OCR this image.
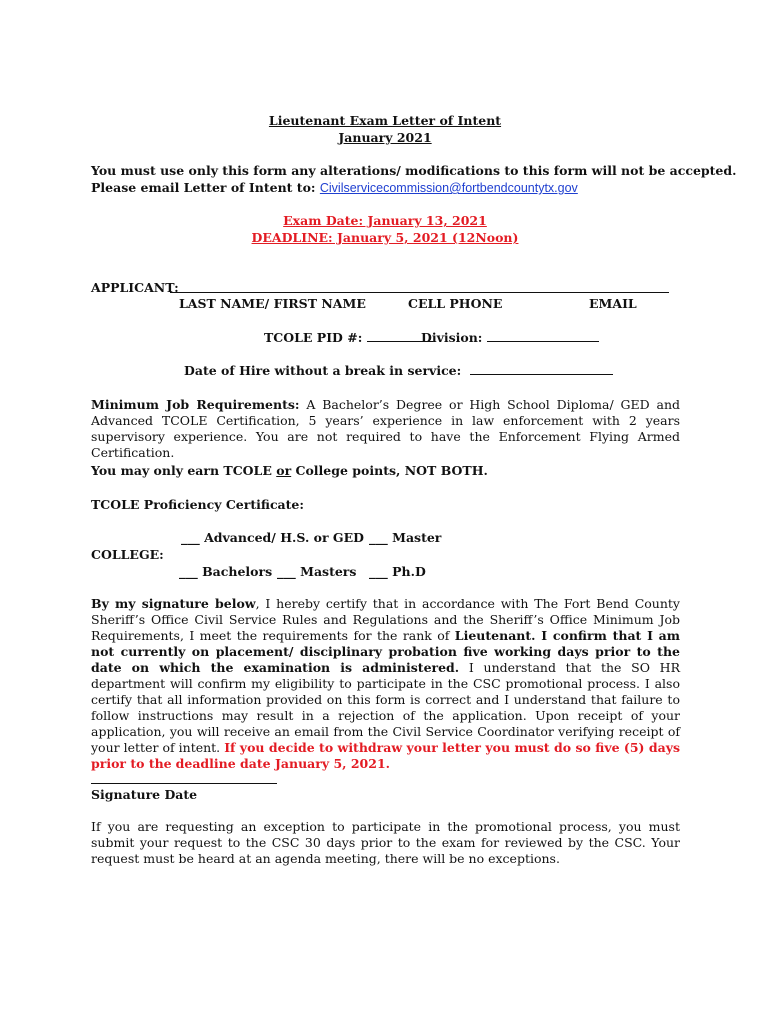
Lieutenant Exam Letter of Intent
January 2021
You must use only this form any alterations/ modifications to this form will not be accepted.
Please email Letter of Intent to: Civilservicecommission@fortbendcountytx.gov
Exam Date: January 13, 2021
DEADLINE: January 5, 2021 (12Noon)
APPLICANT:
LAST NAME/ FIRST NAME	CELL PHONE	EMAIL
TCOLE PID #:	Division:
Date of Hire without a break in service:
Minimum Job Requirements: A Bachelor’s Degree or High School Diploma/ GED and Advanced TCOLE Certification, 5 years’ experience in law enforcement with 2 years supervisory experience. You are not required to have the Enforcement Flying Armed Certification.
You may only earn TCOLE or College points, NOT BOTH.
TCOLE Proficiency Certificate:
___ Advanced/ H.S. or GED ___ Master
COLLEGE:
___ Bachelors ___ Masters ___ Ph.D
By my signature below, I hereby certify that in accordance with The Fort Bend County Sheriff’s Office Civil Service Rules and Regulations and the Sheriff’s Office Minimum Job Requirements, I meet the requirements for the rank of Lieutenant. I confirm that I am not currently on placement/ disciplinary probation five working days prior to the date on which the examination is administered. I understand that the SO HR department will confirm my eligibility to participate in the CSC promotional process. I also certify that all information provided on this form is correct and I understand that failure to follow instructions may result in a rejection of the application. Upon receipt of your application, you will receive an email from the Civil Service Coordinator verifying receipt of your letter of intent. If you decide to withdraw your letter you must do so five (5) days prior to the deadline date January 5, 2021.
Signature Date
If you are requesting an exception to participate in the promotional process, you must submit your request to the CSC 30 days prior to the exam for reviewed by the CSC. Your request must be heard at an agenda meeting, there will be no exceptions.
